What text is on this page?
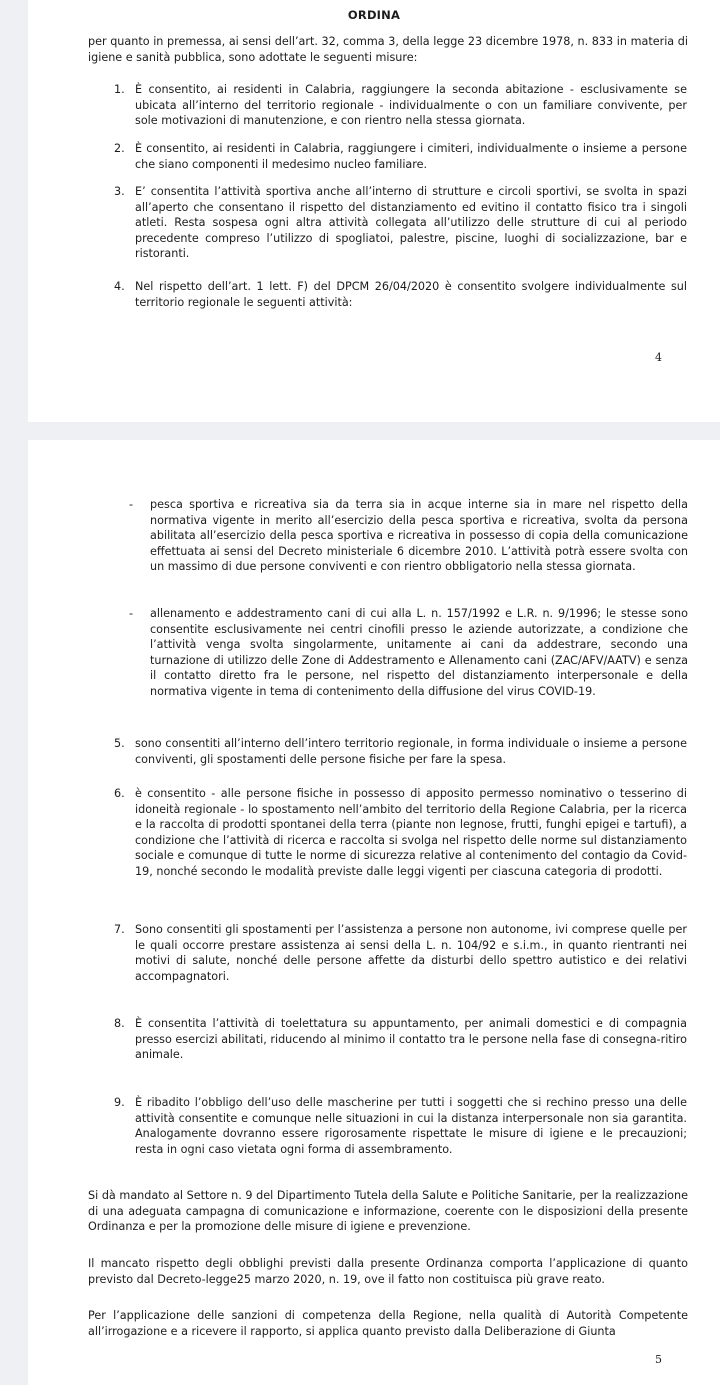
ORDINA
per quanto in premessa, ai sensi dell’art. 32, comma 3, della legge 23 dicembre 1978, n. 833 in materia di igiene e sanità pubblica, sono adottate le seguenti misure:
1. È consentito, ai residenti in Calabria, raggiungere la seconda abitazione - esclusivamente se ubicata all’interno del territorio regionale - individualmente o con un familiare convivente, per sole motivazioni di manutenzione, e con rientro nella stessa giornata.
2. È consentito, ai residenti in Calabria, raggiungere i cimiteri, individualmente o insieme a persone che siano componenti il medesimo nucleo familiare.
3. E’ consentita l’attività sportiva anche all’interno di strutture e circoli sportivi, se svolta in spazi all’aperto che consentano il rispetto del distanziamento ed evitino il contatto fisico tra i singoli atleti. Resta sospesa ogni altra attività collegata all’utilizzo delle strutture di cui al periodo precedente compreso l’utilizzo di spogliatoi, palestre, piscine, luoghi di socializzazione, bar e ristoranti.
4. Nel rispetto dell’art. 1 lett. F) del DPCM 26/04/2020 è consentito svolgere individualmente sul territorio regionale le seguenti attività:
4
- pesca sportiva e ricreativa sia da terra sia in acque interne sia in mare nel rispetto della normativa vigente in merito all’esercizio della pesca sportiva e ricreativa, svolta da persona abilitata all’esercizio della pesca sportiva e ricreativa in possesso di copia della comunicazione effettuata ai sensi del Decreto ministeriale 6 dicembre 2010. L’attività potrà essere svolta con un massimo di due persone conviventi e con rientro obbligatorio nella stessa giornata.
- allenamento e addestramento cani di cui alla L. n. 157/1992 e L.R. n. 9/1996; le stesse sono consentite esclusivamente nei centri cinofili presso le aziende autorizzate, a condizione che l’attività venga svolta singolarmente, unitamente ai cani da addestrare, secondo una turnazione di utilizzo delle Zone di Addestramento e Allenamento cani (ZAC/AFV/AATV) e senza il contatto diretto fra le persone, nel rispetto del distanziamento interpersonale e della normativa vigente in tema di contenimento della diffusione del virus COVID-19.
5. sono consentiti all’interno dell’intero territorio regionale, in forma individuale o insieme a persone conviventi, gli spostamenti delle persone fisiche per fare la spesa.
6. è consentito - alle persone fisiche in possesso di apposito permesso nominativo o tesserino di idoneità regionale - lo spostamento nell’ambito del territorio della Regione Calabria, per la ricerca e la raccolta di prodotti spontanei della terra (piante non legnose, frutti, funghi epigei e tartufi), a condizione che l’attività di ricerca e raccolta si svolga nel rispetto delle norme sul distanziamento sociale e comunque di tutte le norme di sicurezza relative al contenimento del contagio da Covid-19, nonché secondo le modalità previste dalle leggi vigenti per ciascuna categoria di prodotti.
7. Sono consentiti gli spostamenti per l’assistenza a persone non autonome, ivi comprese quelle per le quali occorre prestare assistenza ai sensi della L. n. 104/92 e s.i.m., in quanto rientranti nei motivi di salute, nonché delle persone affette da disturbi dello spettro autistico e dei relativi accompagnatori.
8. È consentita l’attività di toelettatura su appuntamento, per animali domestici e di compagnia presso esercizi abilitati, riducendo al minimo il contatto tra le persone nella fase di consegna-ritiro animale.
9. È ribadito l’obbligo dell’uso delle mascherine per tutti i soggetti che si rechino presso una delle attività consentite e comunque nelle situazioni in cui la distanza interpersonale non sia garantita. Analogamente dovranno essere rigorosamente rispettate le misure di igiene e le precauzioni; resta in ogni caso vietata ogni forma di assembramento.
Si dà mandato al Settore n. 9 del Dipartimento Tutela della Salute e Politiche Sanitarie, per la realizzazione di una adeguata campagna di comunicazione e informazione, coerente con le disposizioni della presente Ordinanza e per la promozione delle misure di igiene e prevenzione.
Il mancato rispetto degli obblighi previsti dalla presente Ordinanza comporta l’applicazione di quanto previsto dal Decreto-legge25 marzo 2020, n. 19, ove il fatto non costituisca più grave reato.
Per l’applicazione delle sanzioni di competenza della Regione, nella qualità di Autorità Competente all’irrogazione e a ricevere il rapporto, si applica quanto previsto dalla Deliberazione di Giunta
5
